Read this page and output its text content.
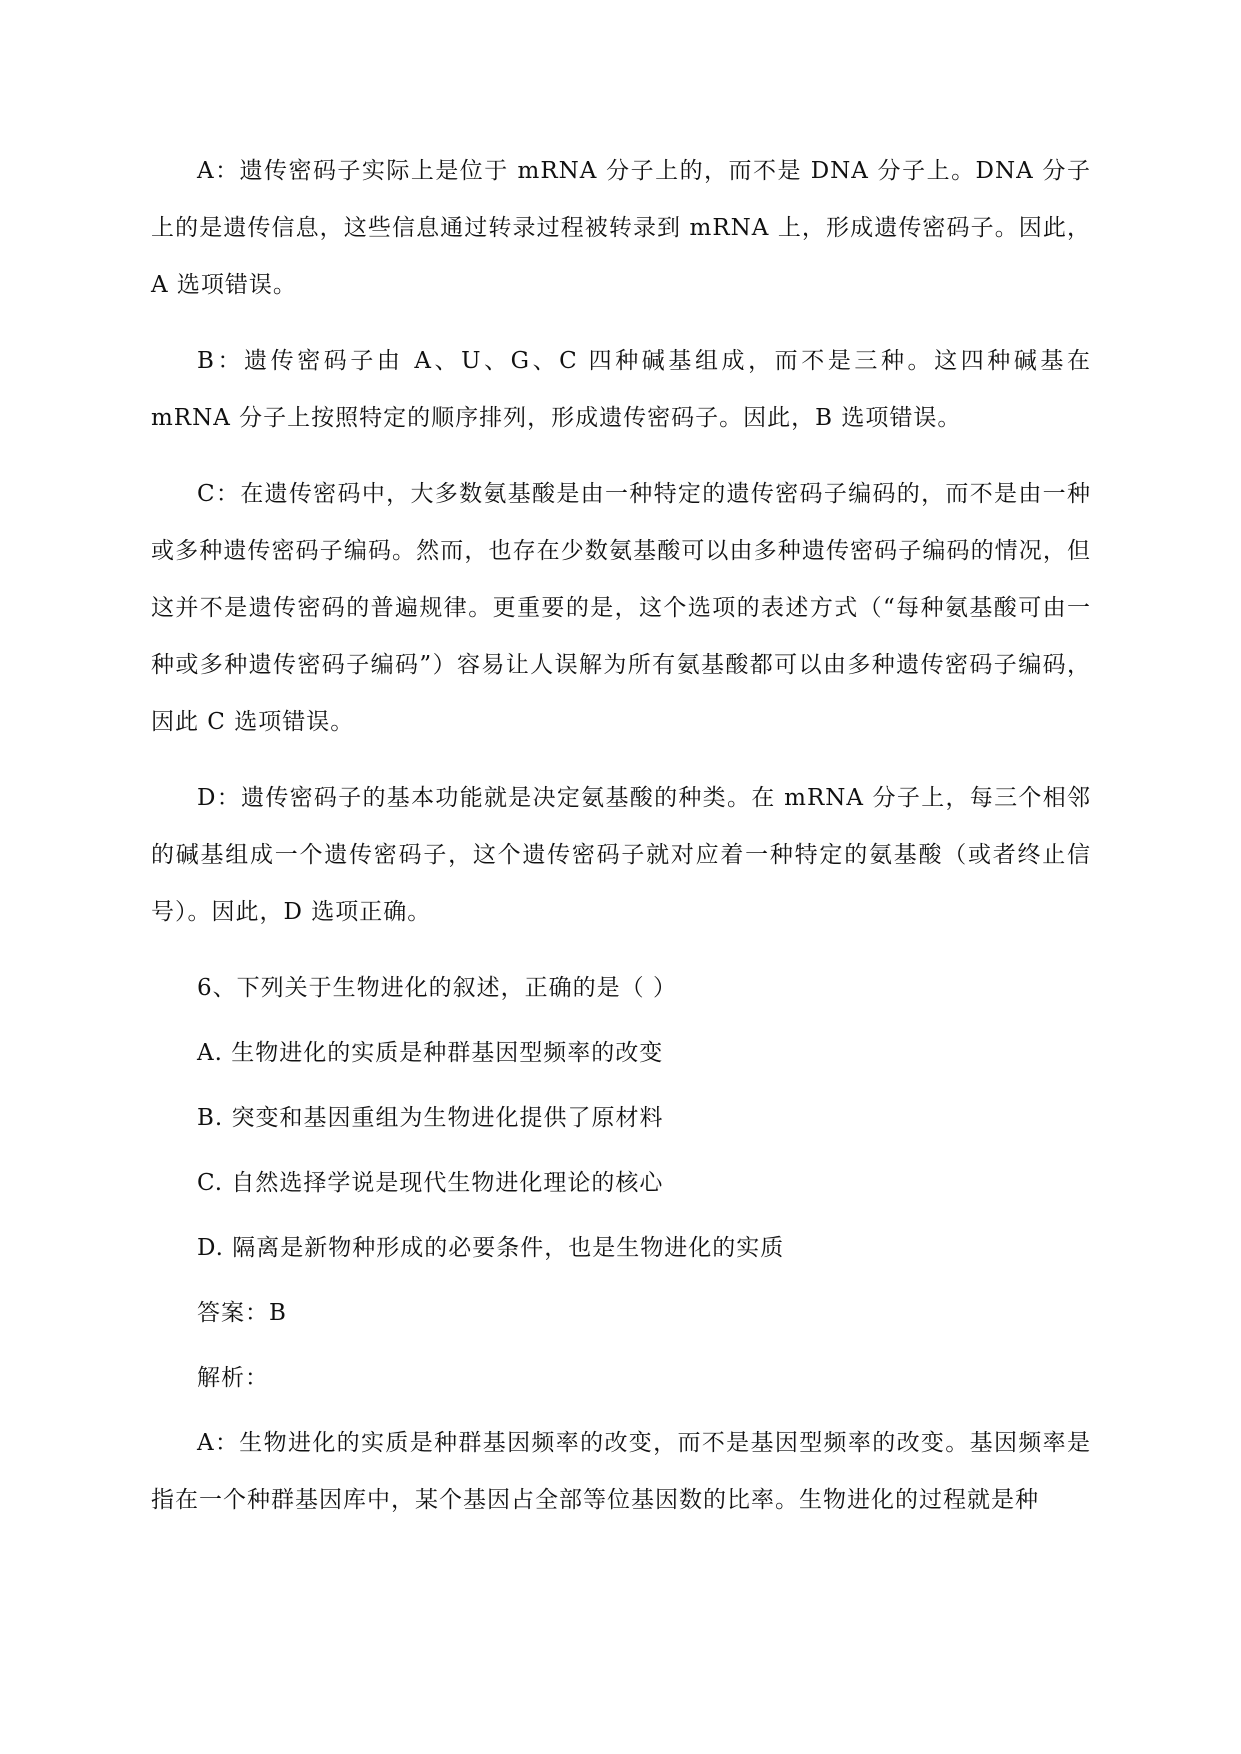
A：遗传密码子实际上是位于 mRNA 分子上的，而不是 DNA 分子上。DNA 分子上的是遗传信息，这些信息通过转录过程被转录到 mRNA 上，形成遗传密码子。因此，A 选项错误。

B：遗传密码子由 A、U、G、C 四种碱基组成，而不是三种。这四种碱基在 mRNA 分子上按照特定的顺序排列，形成遗传密码子。因此，B 选项错误。

C：在遗传密码中，大多数氨基酸是由一种特定的遗传密码子编码的，而不是由一种或多种遗传密码子编码。然而，也存在少数氨基酸可以由多种遗传密码子编码的情况，但这并不是遗传密码的普遍规律。更重要的是，这个选项的表述方式（“每种氨基酸可由一种或多种遗传密码子编码”）容易让人误解为所有氨基酸都可以由多种遗传密码子编码，因此 C 选项错误。

D：遗传密码子的基本功能就是决定氨基酸的种类。在 mRNA 分子上，每三个相邻的碱基组成一个遗传密码子，这个遗传密码子就对应着一种特定的氨基酸（或者终止信号）。因此，D 选项正确。

6、下列关于生物进化的叙述，正确的是（ ）

A. 生物进化的实质是种群基因型频率的改变

B. 突变和基因重组为生物进化提供了原材料

C. 自然选择学说是现代生物进化理论的核心

D. 隔离是新物种形成的必要条件，也是生物进化的实质

答案：B

解析：

A：生物进化的实质是种群基因频率的改变，而不是基因型频率的改变。基因频率是指在一个种群基因库中，某个基因占全部等位基因数的比率。生物进化的过程就是种
